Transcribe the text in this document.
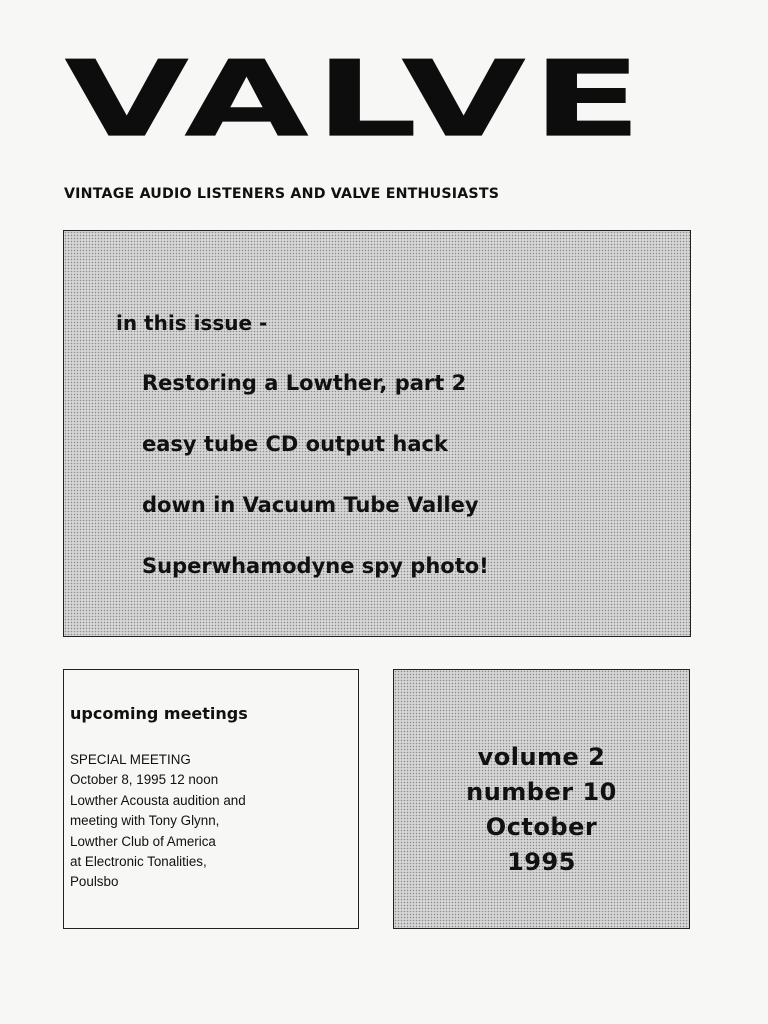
VALVE
VINTAGE AUDIO LISTENERS AND VALVE ENTHUSIASTS
in this issue -
Restoring a Lowther, part 2
easy tube CD output hack
down in Vacuum Tube Valley
Superwhamodyne spy photo!
upcoming meetings
SPECIAL MEETING
October 8, 1995 12 noon
Lowther Acousta audition and
meeting with Tony Glynn,
Lowther Club of America
at Electronic Tonalities,
Poulsbo
volume 2
number 10
October
1995
